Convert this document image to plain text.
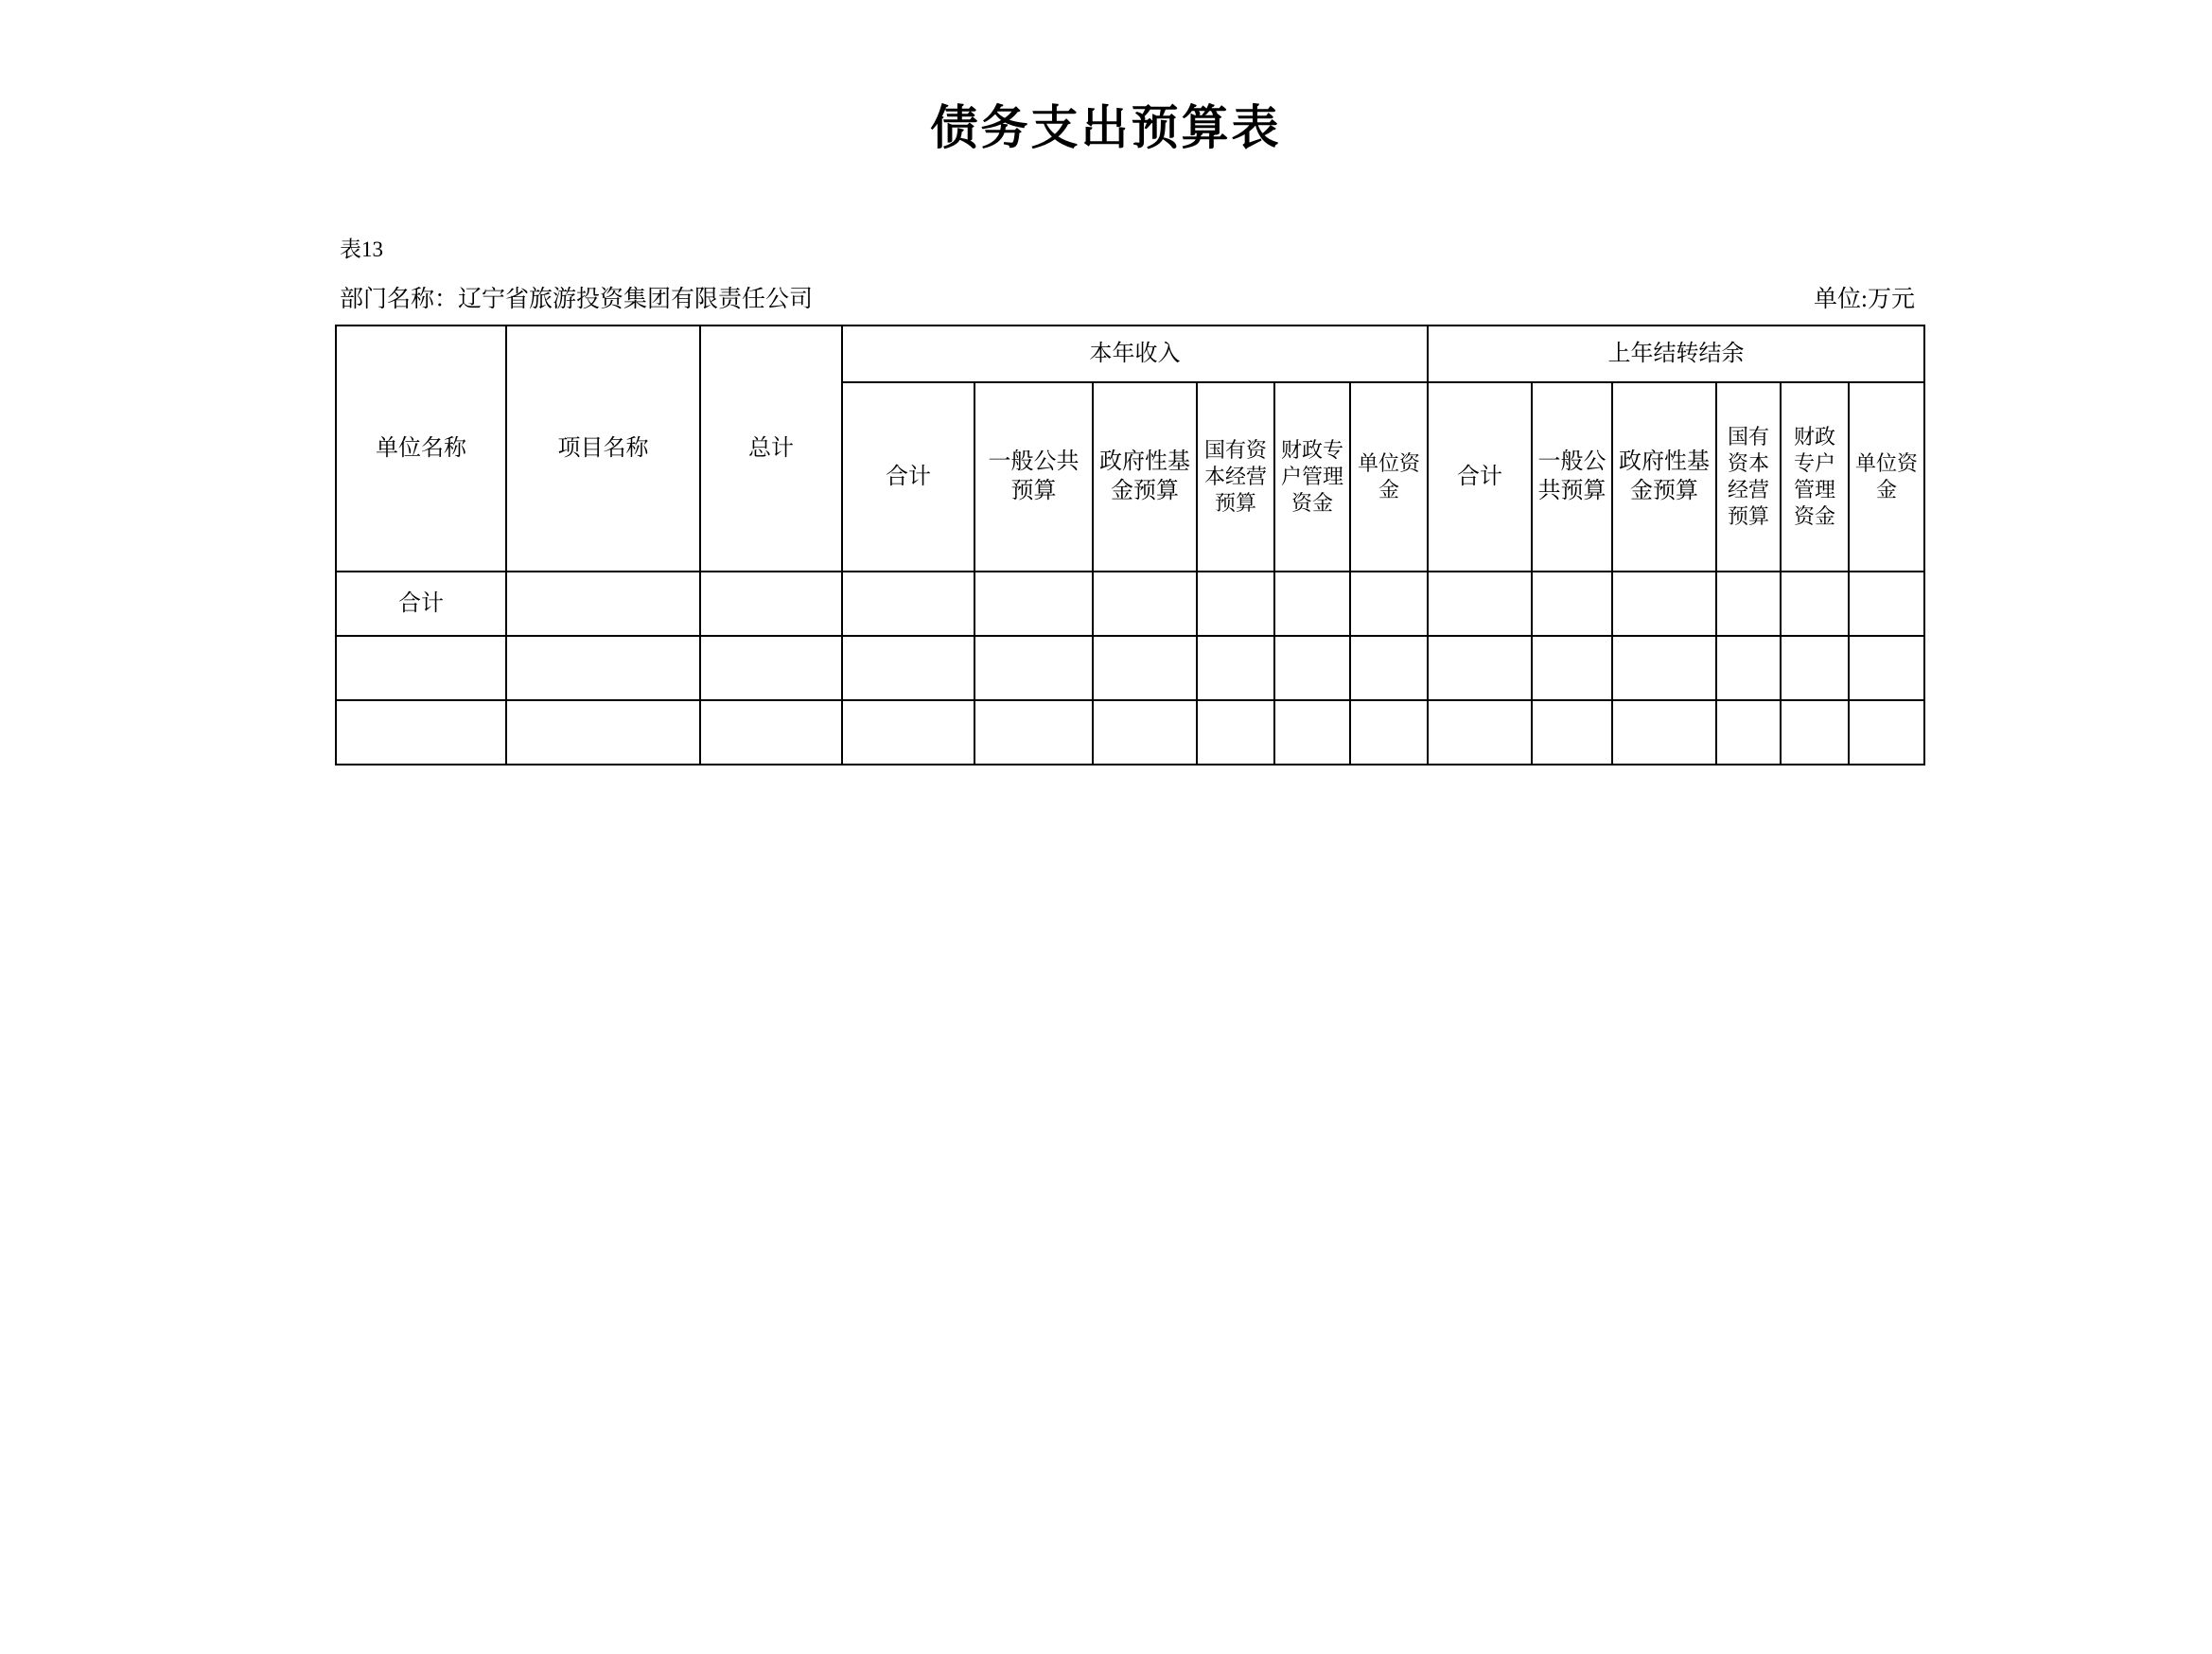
债务支出预算表
表13
部门名称：辽宁省旅游投资集团有限责任公司	单位:万元
单位名称	项目名称	总计	本年收入						上年结转结余					
			合计	一般公共预算	政府性基金预算	国有资本经营预算	财政专户管理资金	单位资金	合计	一般公共预算	政府性基金预算	国有资本经营预算	财政专户管理资金	单位资金
合计														
